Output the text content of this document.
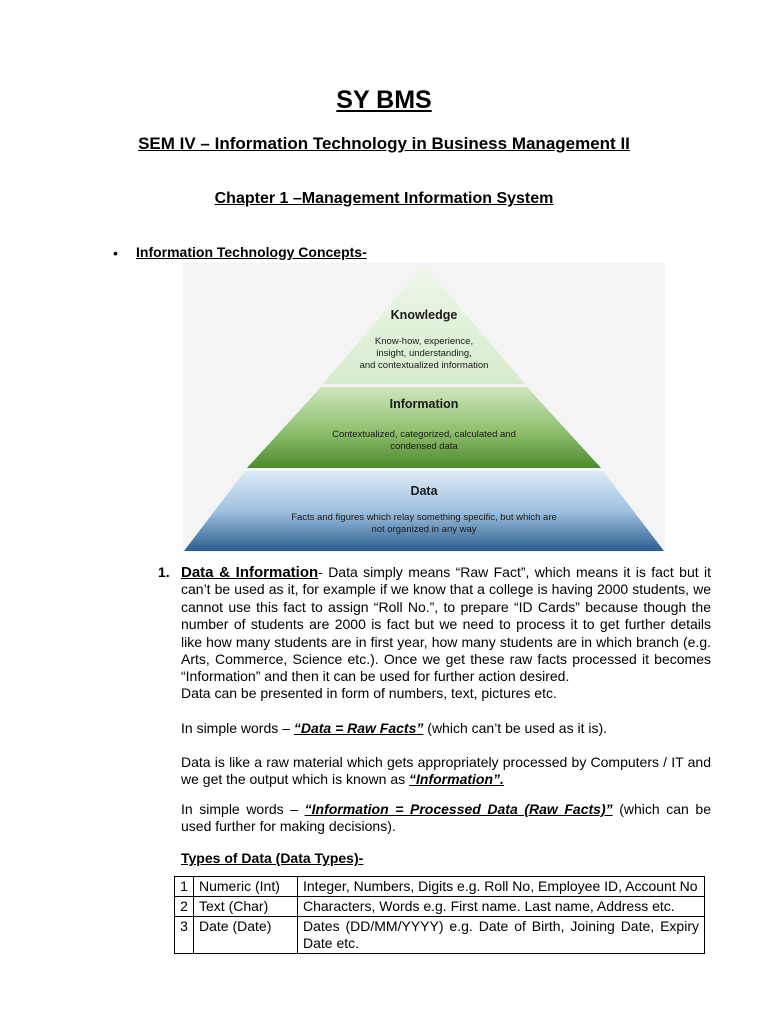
SY BMS
SEM IV – Information Technology in Business Management II
Chapter 1 –Management Information System
• Information Technology Concepts-
Knowledge
Know-how, experience,
insight, understanding,
and contextualized information
Information
Contextualized, categorized, calculated and
condensed data
Data
Facts and figures which relay something specific, but which are
not organized in any way
1. Data & Information- Data simply means “Raw Fact”, which means it is fact but it can’t be used as it, for example if we know that a college is having 2000 students, we cannot use this fact to assign “Roll No.”, to prepare “ID Cards” because though the number of students are 2000 is fact but we need to process it to get further details like how many students are in first year, how many students are in which branch (e.g. Arts, Commerce, Science etc.). Once we get these raw facts processed it becomes “Information” and then it can be used for further action desired.
Data can be presented in form of numbers, text, pictures etc.
In simple words – “Data = Raw Facts” (which can’t be used as it is).
Data is like a raw material which gets appropriately processed by Computers / IT and we get the output which is known as “Information”.
In simple words – “Information = Processed Data (Raw Facts)” (which can be used further for making decisions).
Types of Data (Data Types)-
1	Numeric (Int)	Integer, Numbers, Digits e.g. Roll No, Employee ID, Account No
2	Text (Char)	Characters, Words e.g. First name. Last name, Address etc.
3	Date (Date)	Dates (DD/MM/YYYY) e.g. Date of Birth, Joining Date, Expiry Date etc.
